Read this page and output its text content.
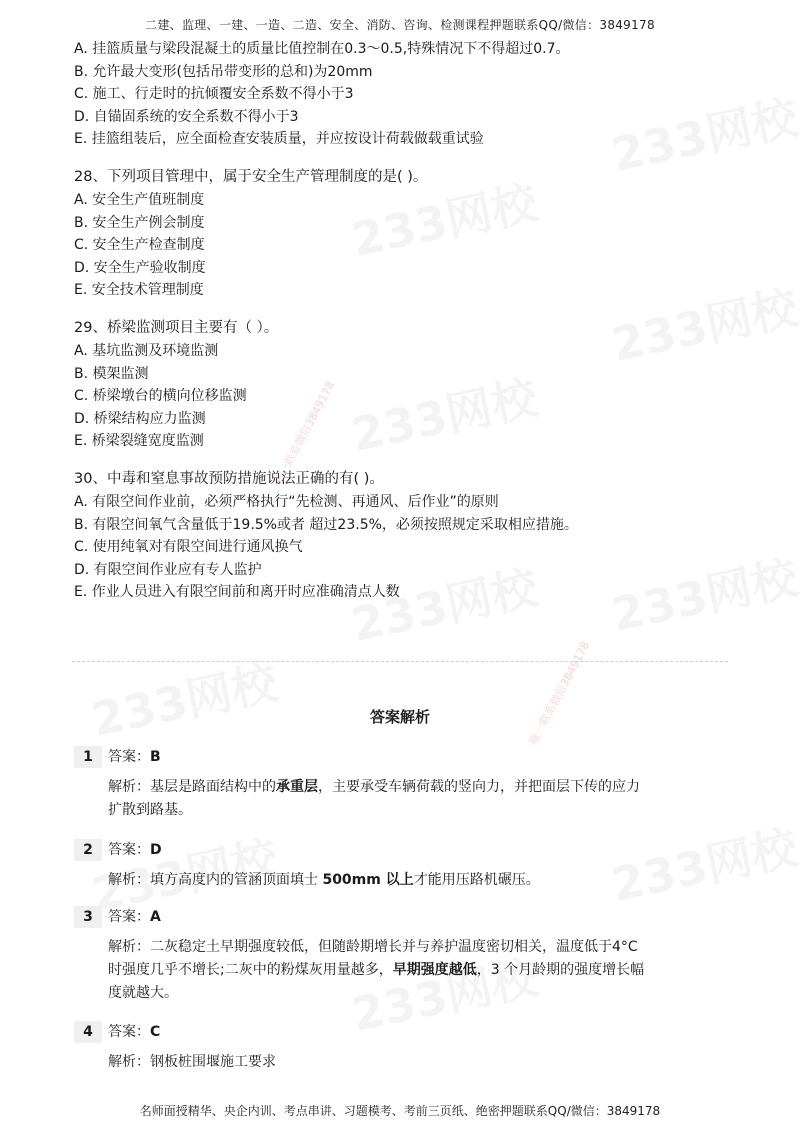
唯一联系微信3849178
唯一联系微信3849178
二建、监理、一建、一造、二造、安全、消防、咨询、检测课程押题联系QQ/微信：3849178
A. 挂篮质量与梁段混凝土的质量比值控制在0.3～0.5,特殊情况下不得超过0.7。
B. 允许最大变形(包括吊带变形的总和)为20mm
C. 施工、行走时的抗倾覆安全系数不得小于3
D. 自锚固系统的安全系数不得小于3
E. 挂篮组装后，应全面检查安装质量，并应按设计荷载做载重试验
28、下列项目管理中，属于安全生产管理制度的是( )。
A. 安全生产值班制度
B. 安全生产例会制度
C. 安全生产检查制度
D. 安全生产验收制度
E. 安全技术管理制度
29、桥梁监测项目主要有（ ）。
A. 基坑监测及环境监测
B. 模架监测
C. 桥梁墩台的横向位移监测
D. 桥梁结构应力监测
E. 桥梁裂缝宽度监测
30、中毒和窒息事故预防措施说法正确的有( )。
A. 有限空间作业前，必须严格执行“先检测、再通风、后作业”的原则
B. 有限空间氧气含量低于19.5%或者 超过23.5%，必须按照规定采取相应措施。
C. 使用纯氧对有限空间进行通风换气
D. 有限空间作业应有专人监护
E. 作业人员进入有限空间前和离开时应准确清点人数
答案解析
1	答案：B
解析：基层是路面结构中的承重层，主要承受车辆荷载的竖向力，并把面层下传的应力
扩散到路基。
2	答案：D
解析：填方高度内的管涵顶面填士 500mm 以上才能用压路机碾压。
3	答案：A
解析：二灰稳定土早期强度较低，但随龄期增长并与养护温度密切相关，温度低于4°C
时强度几乎不增长;二灰中的粉煤灰用量越多，早期强度越低，3 个月龄期的强度增长幅
度就越大。
4	答案：C
解析：钢板桩围堰施工要求
名师面授精华、央企内训、考点串讲、习题模考、考前三页纸、绝密押题联系QQ/微信：3849178
